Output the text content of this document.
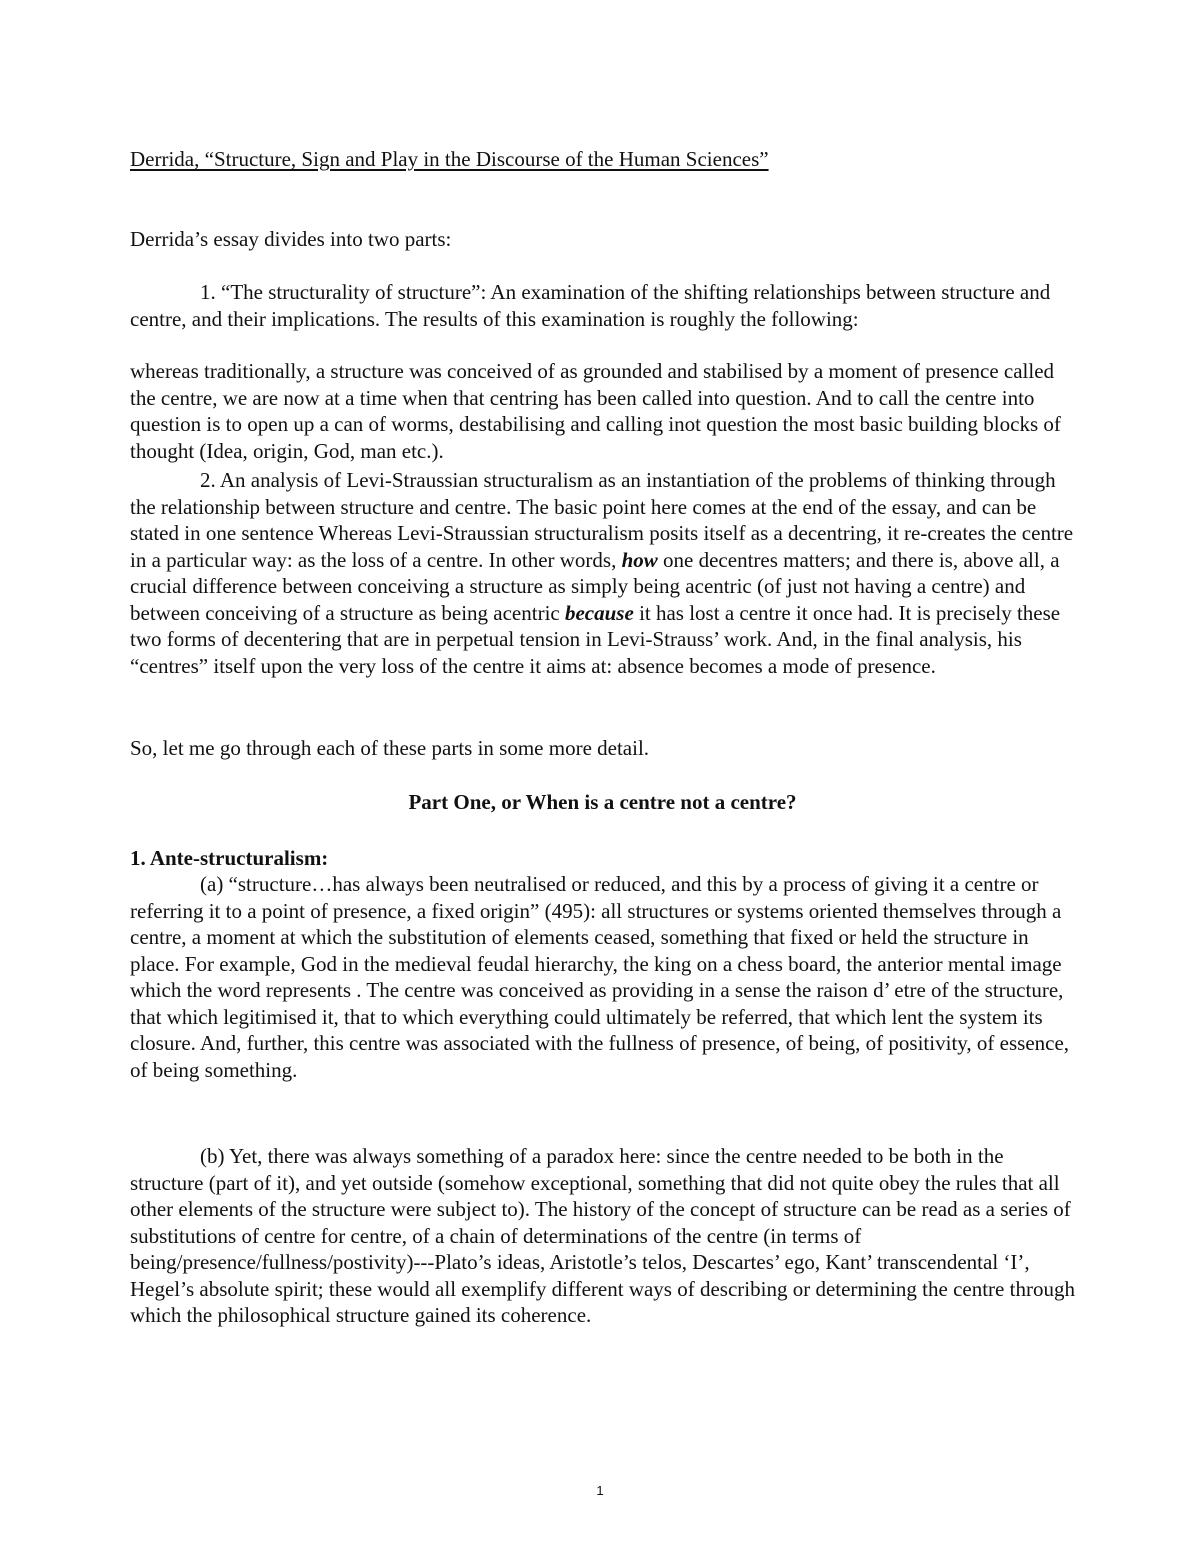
Derrida, “Structure, Sign and Play in the Discourse of the Human Sciences”
Derrida’s essay divides into two parts:
1. “The structurality of structure”: An examination of the shifting relationships between structure and centre, and their implications. The results of this examination is roughly the following:
whereas traditionally, a structure was conceived of as grounded and stabilised by a moment of presence called the centre, we are now at a time when that centring has been called into question. And to call the centre into question is to open up a can of worms, destabilising and calling inot question the most basic building blocks of thought (Idea, origin, God, man etc.).
2. An analysis of Levi-Straussian structuralism as an instantiation of the problems of thinking through the relationship between structure and centre. The basic point here comes at the end of the essay, and can be stated in one sentence Whereas Levi-Straussian structuralism posits itself as a decentring, it re-creates the centre in a particular way: as the loss of a centre. In other words, how one decentres matters; and there is, above all, a crucial difference between conceiving a structure as simply being acentric (of just not having a centre) and between conceiving of a structure as being acentric because it has lost a centre it once had. It is precisely these two forms of decentering that are in perpetual tension in Levi-Strauss’ work. And, in the final analysis, his “centres” itself upon the very loss of the centre it aims at: absence becomes a mode of presence.
So, let me go through each of these parts in some more detail.
Part One, or When is a centre not a centre?
1. Ante-structuralism:
(a) “structure…has always been neutralised or reduced, and this by a process of giving it a centre or referring it to a point of presence, a fixed origin” (495): all structures or systems oriented themselves through a centre, a moment at which the substitution of elements ceased, something that fixed or held the structure in place. For example, God in the medieval feudal hierarchy, the king on a chess board, the anterior mental image which the word represents . The centre was conceived as providing in a sense the raison d’ etre of the structure, that which legitimised it, that to which everything could ultimately be referred, that which lent the system its closure. And, further, this centre was associated with the fullness of presence, of being, of positivity, of essence, of being something.
(b) Yet, there was always something of a paradox here: since the centre needed to be both in the structure (part of it), and yet outside (somehow exceptional, something that did not quite obey the rules that all other elements of the structure were subject to). The history of the concept of structure can be read as a series of substitutions of centre for centre, of a chain of determinations of the centre (in terms of being/presence/fullness/postivity)---Plato’s ideas, Aristotle’s telos, Descartes’ ego, Kant’ transcendental ‘I’, Hegel’s absolute spirit; these would all exemplify different ways of describing or determining the centre through which the philosophical structure gained its coherence.
1
